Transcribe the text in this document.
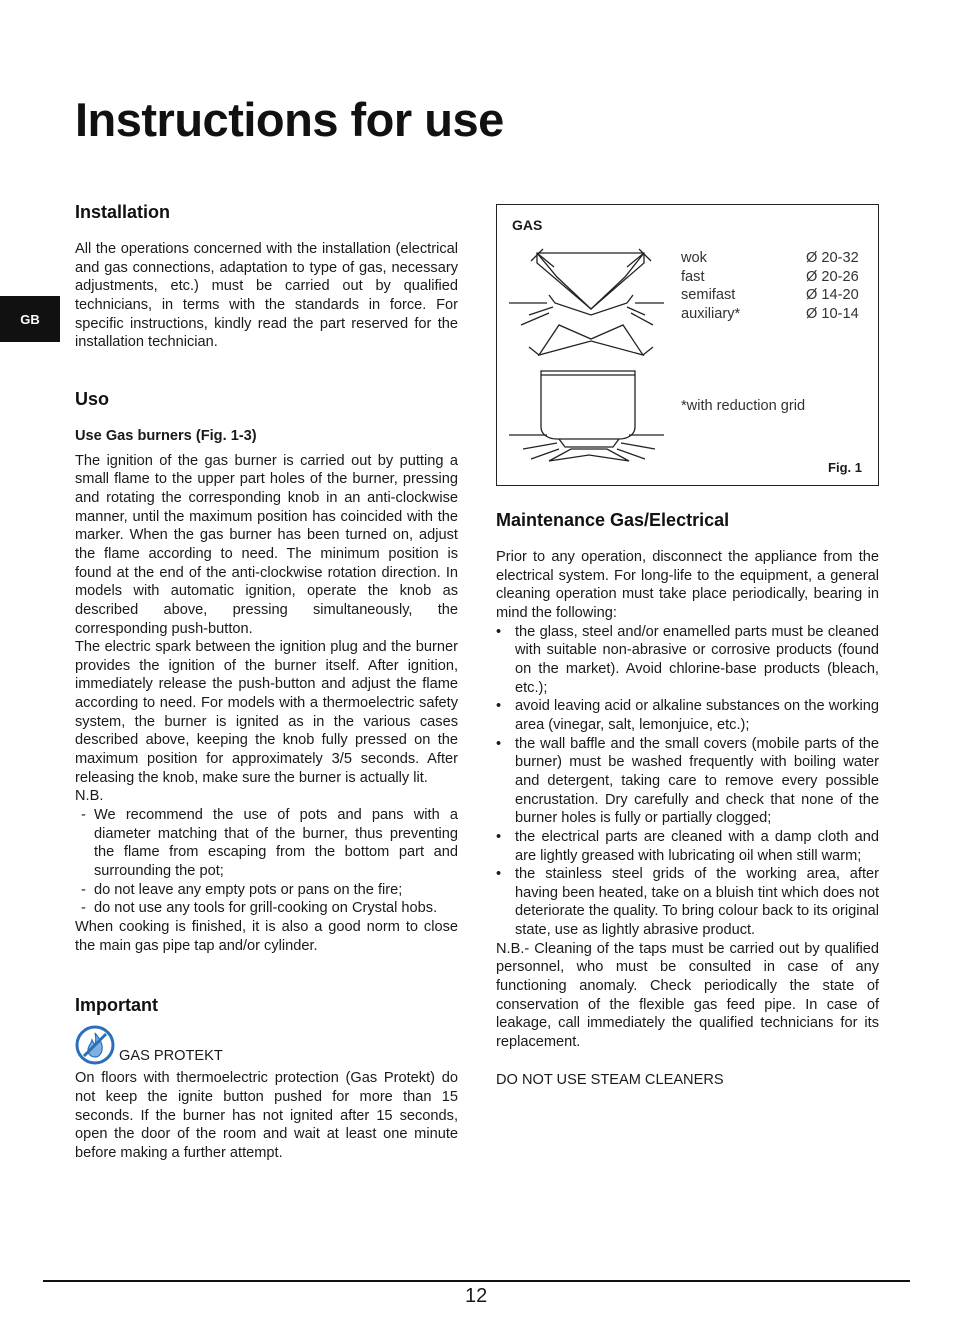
Instructions for use
GB
Installation

All the operations concerned with the installation (electrical and gas connections, adaptation to type of gas, necessary adjustments, etc.) must be carried out by qualified technicians, in terms with the standards in force. For specific instructions, kindly read the part reserved for the installation technician.

Uso
Use Gas burners (Fig. 1-3)

The ignition of the gas burner is carried out by putting a small flame to the upper part holes of the burner, pressing and rotating the corresponding knob in an anti-clockwise manner, until the maximum position has coincided with the marker. When the gas burner has been turned on, adjust the flame according to need. The minimum position is found at the end of the anti-clockwise rotation direction. In models with automatic ignition, operate the knob as described above, pressing simultaneously, the corresponding push-button.

The electric spark between the ignition plug and the burner provides the ignition of the burner itself. After ignition, immediately release the push-button and adjust the flame according to need. For models with a thermoelectric safety system, the burner is ignited as in the various cases described above, keeping the knob fully pressed on the maximum position for approximately 3/5 seconds. After releasing the knob, make sure the burner is actually lit.

N.B.

- We recommend the use of pots and pans with a diameter matching that of the burner, thus preventing the flame from escaping from the bottom part and surrounding the pot;
- do not leave any empty pots or pans on the fire;
- do not use any tools for grill-cooking on Crystal hobs.

When cooking is finished, it is also a good norm to close the main gas pipe tap and/or cylinder.

Important
GAS PROTEKT

On floors with thermoelectric protection (Gas Protekt) do not keep the ignite button pushed for more than 15 seconds. If the burner has not ignited after 15 seconds, open the door of the room and wait at least one minute before making a further attempt.

GAS
wok	Ø 20-32
fast	Ø 20-26
semifast	Ø 14-20
auxiliary*	Ø 10-14
*with reduction grid
Fig. 1
Maintenance Gas/Electrical

Prior to any operation, disconnect the appliance from the electrical system. For long-life to the equipment, a general cleaning operation must take place periodically, bearing in mind the following:

• the glass, steel and/or enamelled parts must be cleaned with suitable non-abrasive or corrosive products (found on the market). Avoid chlorine-base products (bleach, etc.);
• avoid leaving acid or alkaline substances on the working area (vinegar, salt, lemonjuice, etc.);
• the wall baffle and the small covers (mobile parts of the burner) must be washed frequently with boiling water and detergent, taking care to remove every possible encrustation. Dry carefully and check that none of the burner holes is fully or partially clogged;
• the electrical parts are cleaned with a damp cloth and are lightly greased with lubricating oil when still warm;
• the stainless steel grids of the working area, after having been heated, take on a bluish tint which does not deteriorate the quality. To bring colour back to its original state, use as lightly abrasive product.

N.B.- Cleaning of the taps must be carried out by qualified personnel, who must be consulted in case of any functioning anomaly. Check periodically the state of conservation of the flexible gas feed pipe. In case of leakage, call immediately the qualified technicians for its replacement.

DO NOT USE STEAM CLEANERS

12
